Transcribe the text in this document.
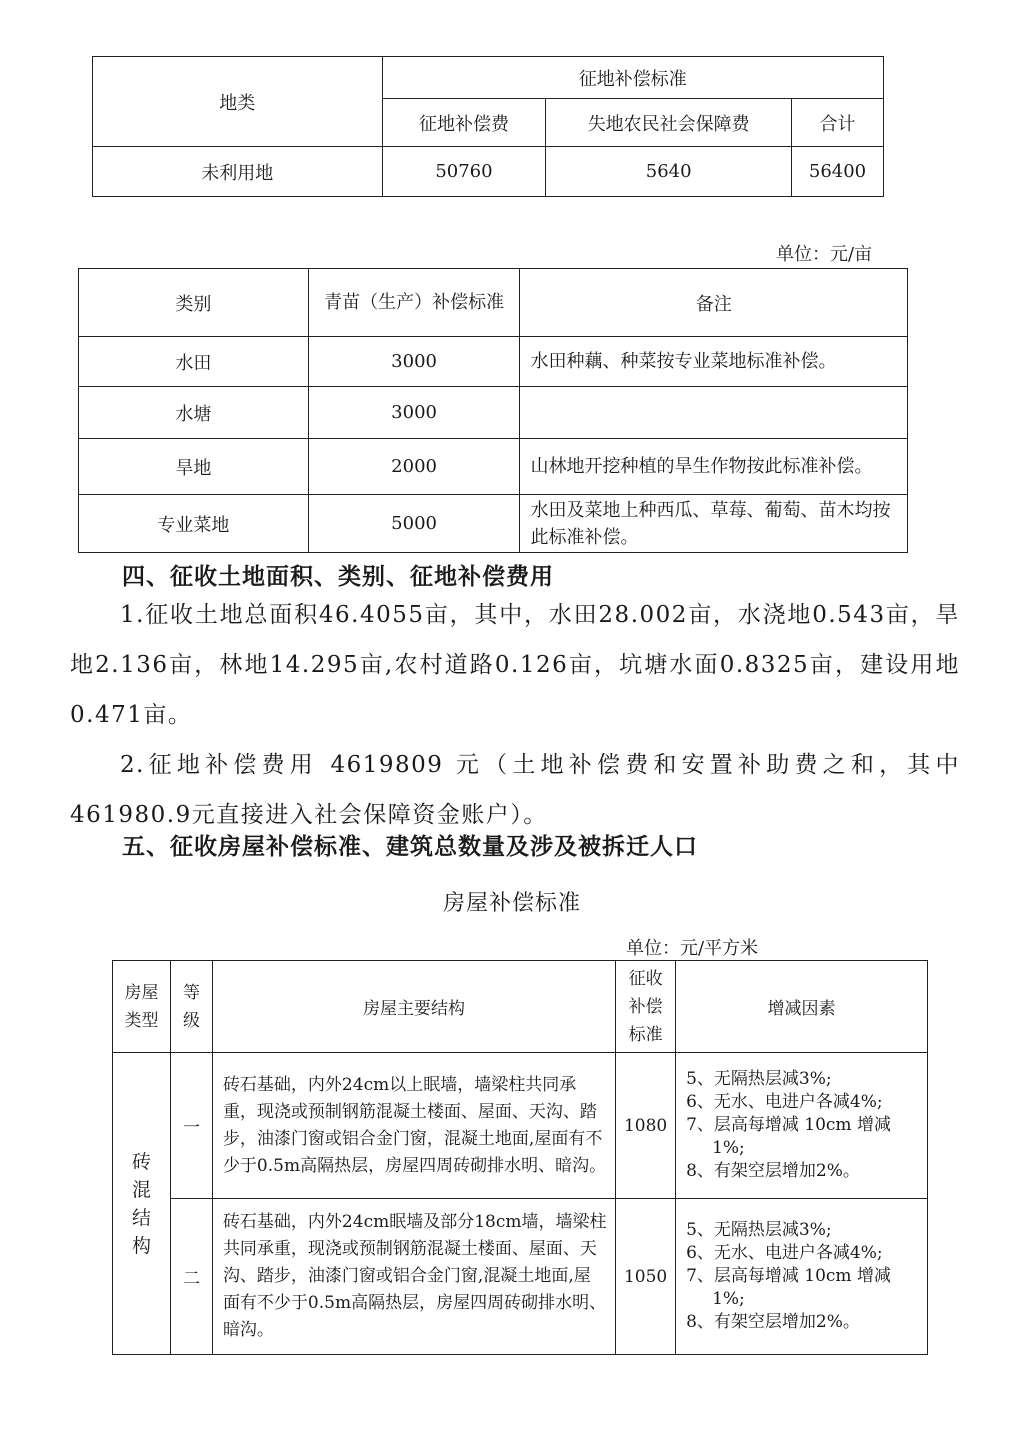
地类	征地补偿标准		
	征地补偿费	失地农民社会保障费	合计
未利用地	50760	5640	56400
单位：元/亩
类别	青苗（生产）补偿标准	备注
水田	3000	水田种藕、种菜按专业菜地标准补偿。
水塘	3000	
旱地	2000	山林地开挖种植的旱生作物按此标准补偿。
专业菜地	5000	水田及菜地上种西瓜、草莓、葡萄、苗木均按此标准补偿。
四、征收土地面积、类别、征地补偿费用

1.征收土地总面积46.4055亩，其中，水田28.002亩，水浇地0.543亩，旱地2.136亩，林地14.295亩,农村道路0.126亩，坑塘水面0.8325亩，建设用地0.471亩。

2.征地补偿费用 4619809 元（土地补偿费和安置补助费之和，其中461980.9元直接进入社会保障资金账户）。

五、征收房屋补偿标准、建筑总数量及涉及被拆迁人口
房屋补偿标准
单位：元/平方米
房屋类型	等级	房屋主要结构	征收补偿标准	增减因素
砖混结构	一	砖石基础，内外24cm以上眠墙，墙梁柱共同承重，现浇或预制钢筋混凝土楼面、屋面、天沟、踏步，油漆门窗或铝合金门窗，混凝土地面,屋面有不少于0.5m高隔热层，房屋四周砖砌排水明、暗沟。	1080	5、无隔热层减3%;
6、无水、电进户各减4%;
7、层高每增减 10cm 增减
1%;
8、有架空层增加2%。

	二	砖石基础，内外24cm眠墙及部分18cm墙，墙梁柱共同承重，现浇或预制钢筋混凝土楼面、屋面、天沟、踏步，油漆门窗或铝合金门窗,混凝土地面,屋面有不少于0.5m高隔热层，房屋四周砖砌排水明、暗沟。	1050	5、无隔热层减3%;
6、无水、电进户各减4%;
7、层高每增减 10cm 增减
1%;
8、有架空层增加2%。
